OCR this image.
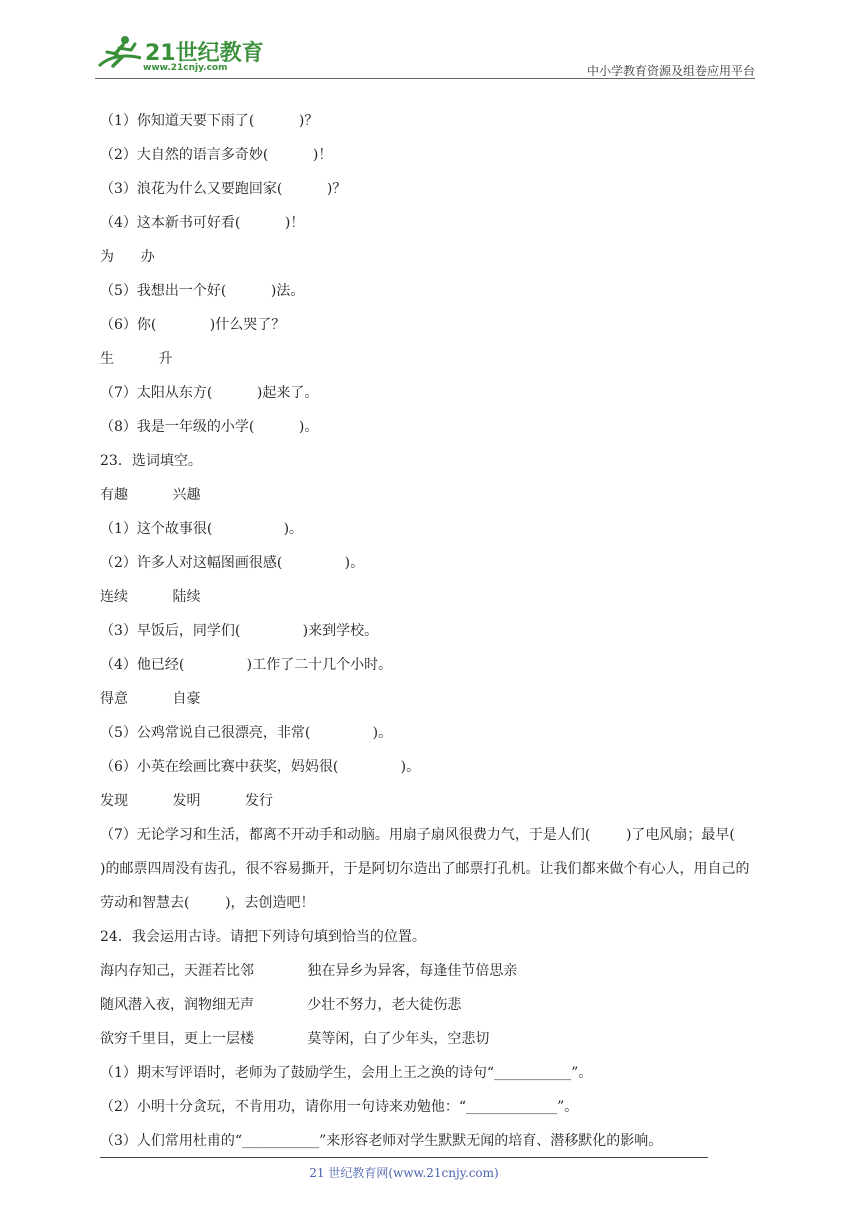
21世纪教育
www.21cnjy.com	中小学教育资源及组卷应用平台
（1）你知道天要下雨了(          )？
（2）大自然的语言多奇妙(          )！
（3）浪花为什么又要跑回家(          )？
（4）这本新书可好看(          )！
为      办
（5）我想出一个好(          )法。
（6）你(            )什么哭了？
生          升
（7）太阳从东方(          )起来了。
（8）我是一年级的小学(          )。
23．选词填空。
有趣          兴趣
（1）这个故事很(                )。
（2）许多人对这幅图画很感(              )。
连续          陆续
（3）早饭后，同学们(              )来到学校。
（4）他已经(              )工作了二十几个小时。
得意          自豪
（5）公鸡常说自己很漂亮，非常(              )。
（6）小英在绘画比赛中获奖，妈妈很(              )。
发现          发明          发行
（7）无论学习和生活，都离不开动手和动脑。用扇子扇风很费力气，于是人们(        )了电风扇；最早(        )的邮票四周没有齿孔，很不容易撕开，于是阿切尔造出了邮票打孔机。让我们都来做个有心人，用自己的劳动和智慧去(        )，去创造吧！
24．我会运用古诗。请把下列诗句填到恰当的位置。
海内存知己，天涯若比邻            独在异乡为异客，每逢佳节倍思亲
随风潜入夜，润物细无声            少壮不努力，老大徒伤悲
欲穷千里目，更上一层楼            莫等闲，白了少年头，空悲切
（1）期末写评语时，老师为了鼓励学生，会用上王之涣的诗句“___________”。
（2）小明十分贪玩，不肯用功，请你用一句诗来劝勉他：“_____________”。
（3）人们常用杜甫的“___________”来形容老师对学生默默无闻的培育、潜移默化的影响。
21 世纪教育网(www.21cnjy.com)
